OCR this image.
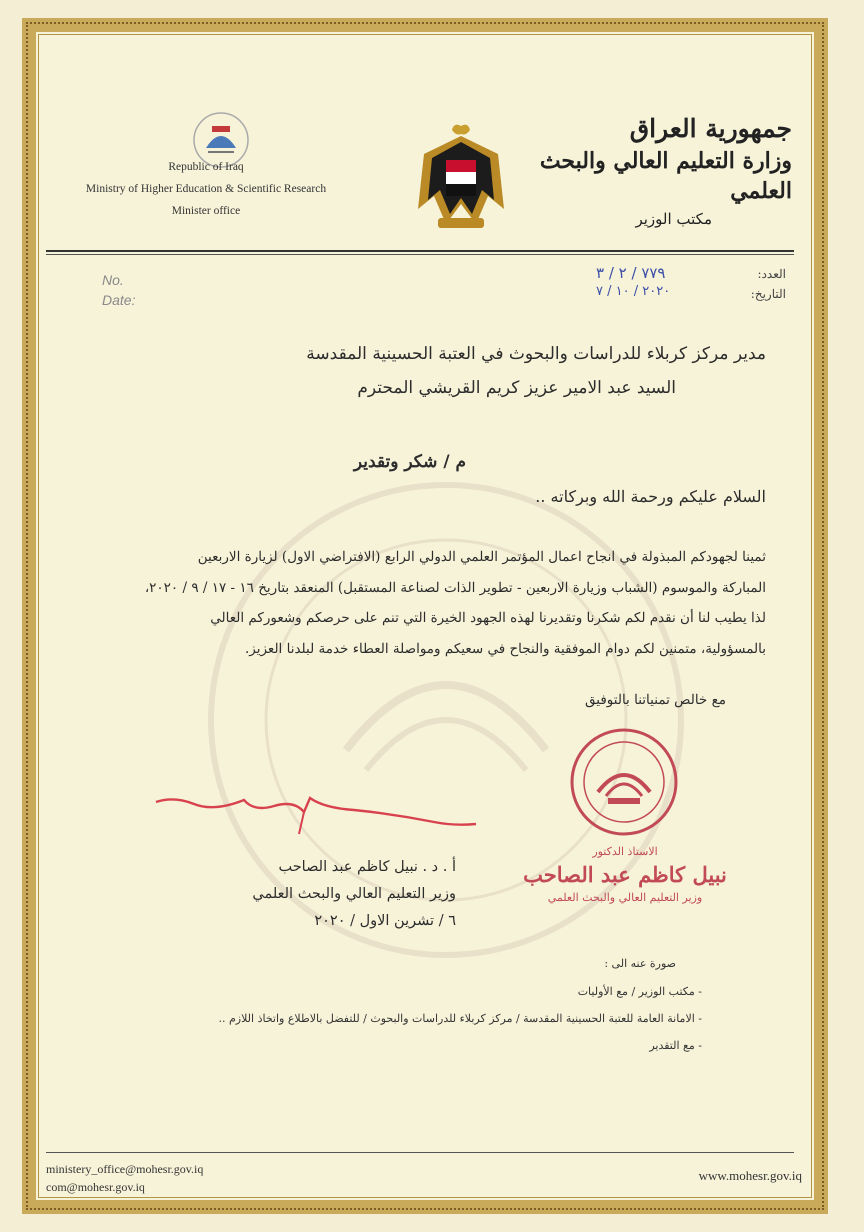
Republic of Iraq
Ministry of Higher Education & Scientific Research
Minister office
جمهورية العراق
وزارة التعليم العالي والبحث العلمي
مكتب الوزير
No.
Date:
٧٧٩ / ٢ / ٣
٢٠٢٠ / ١٠ / ٧
العدد:
التاريخ:
مدير مركز كربلاء للدراسات والبحوث في العتبة الحسينية المقدسة
السيد عبد الامير عزيز كريم القريشي المحترم
م / شكر وتقدير
السلام عليكم ورحمة الله وبركاته ..
ثمينا لجهودكم المبذولة في انجاح اعمال المؤتمر العلمي الدولي الرابع (الافتراضي الاول) لزيارة الاربعين
المباركة والموسوم (الشباب وزيارة الاربعين - تطوير الذات لصناعة المستقبل) المنعقد بتاريخ ١٦ - ١٧ / ٩ / ٢٠٢٠،
لذا يطيب لنا أن نقدم لكم شكرنا وتقديرنا لهذه الجهود الخيرة التي تنم على حرصكم وشعوركم العالي
بالمسؤولية، متمنين لكم دوام الموفقية والنجاح في سعيكم ومواصلة العطاء خدمة لبلدنا العزيز.
مع خالص تمنياتنا بالتوفيق
الاستاذ الدكتور
نبيل كاظم عبد الصاحب
وزير التعليم العالي والبحث العلمي
أ . د . نبيل كاظم عبد الصاحب
وزير التعليم العالي والبحث العلمي
٦ / تشرين الاول / ٢٠٢٠
صورة عنه الى :
- مكتب الوزير / مع الأوليات
- الامانة العامة للعتبة الحسينية المقدسة / مركز كربلاء للدراسات والبحوث / للتفضل بالاطلاع واتخاذ اللازم ..
- مع التقدير
ministery_office@mohesr.gov.iq
com@mohesr.gov.iq
www.mohesr.gov.iq
